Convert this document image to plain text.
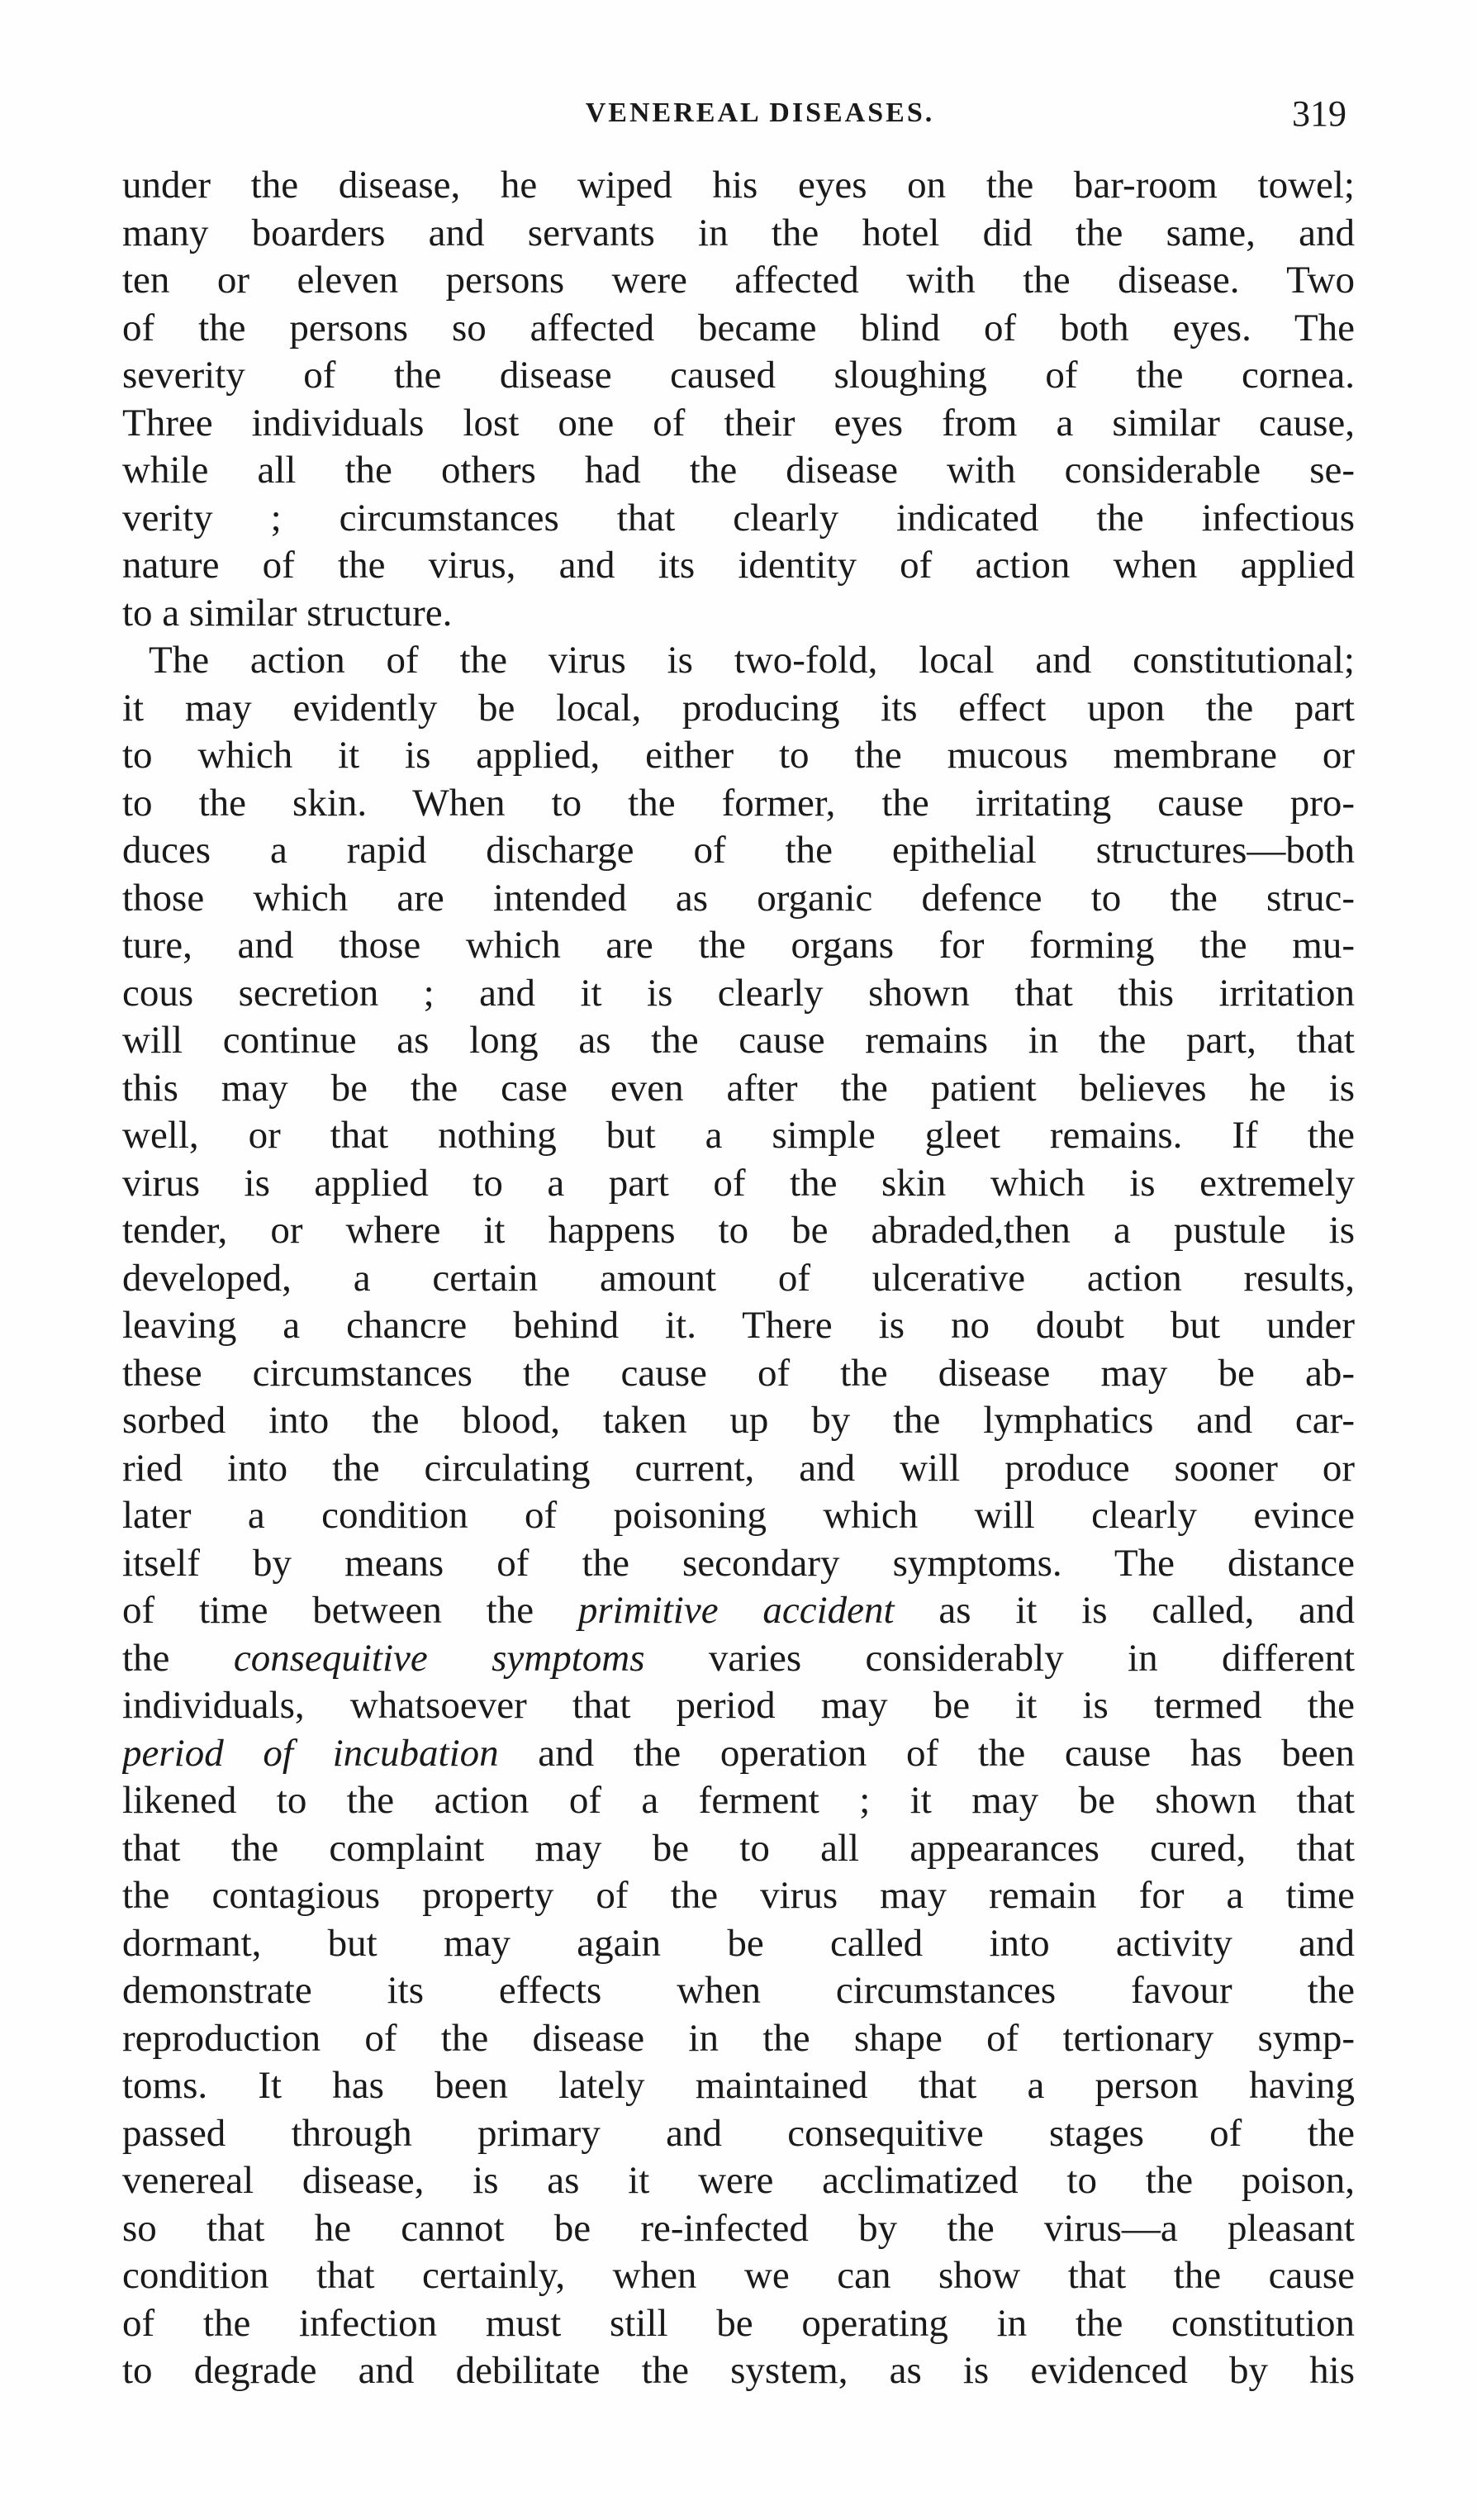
VENEREAL DISEASES.	319
under the disease, he wiped his eyes on the bar-room towel;
many boarders and servants in the hotel did the same, and
ten or eleven persons were affected with the disease. Two
of the persons so affected became blind of both eyes. The
severity of the disease caused sloughing of the cornea.
Three individuals lost one of their eyes from a similar cause,
while all the others had the disease with considerable se-
verity ; circumstances that clearly indicated the infectious
nature of the virus, and its identity of action when applied
to a similar structure.
The action of the virus is two-fold, local and constitutional;
it may evidently be local, producing its effect upon the part
to which it is applied, either to the mucous membrane or
to the skin. When to the former, the irritating cause pro-
duces a rapid discharge of the epithelial structures—both
those which are intended as organic defence to the struc-
ture, and those which are the organs for forming the mu-
cous secretion ; and it is clearly shown that this irritation
will continue as long as the cause remains in the part, that
this may be the case even after the patient believes he is
well, or that nothing but a simple gleet remains. If the
virus is applied to a part of the skin which is extremely
tender, or where it happens to be abraded,then a pustule is
developed, a certain amount of ulcerative action results,
leaving a chancre behind it. There is no doubt but under
these circumstances the cause of the disease may be ab-
sorbed into the blood, taken up by the lymphatics and car-
ried into the circulating current, and will produce sooner or
later a condition of poisoning which will clearly evince
itself by means of the secondary symptoms. The distance
of time between the primitive accident as it is called, and
the consequitive symptoms varies considerably in different
individuals, whatsoever that period may be it is termed the
period of incubation and the operation of the cause has been
likened to the action of a ferment ; it may be shown that
that the complaint may be to all appearances cured, that
the contagious property of the virus may remain for a time
dormant, but may again be called into activity and
demonstrate its effects when circumstances favour the
reproduction of the disease in the shape of tertionary symp-
toms. It has been lately maintained that a person having
passed through primary and consequitive stages of the
venereal disease, is as it were acclimatized to the poison,
so that he cannot be re-infected by the virus—a pleasant
condition that certainly, when we can show that the cause
of the infection must still be operating in the constitution
to degrade and debilitate the system, as is evidenced by his
